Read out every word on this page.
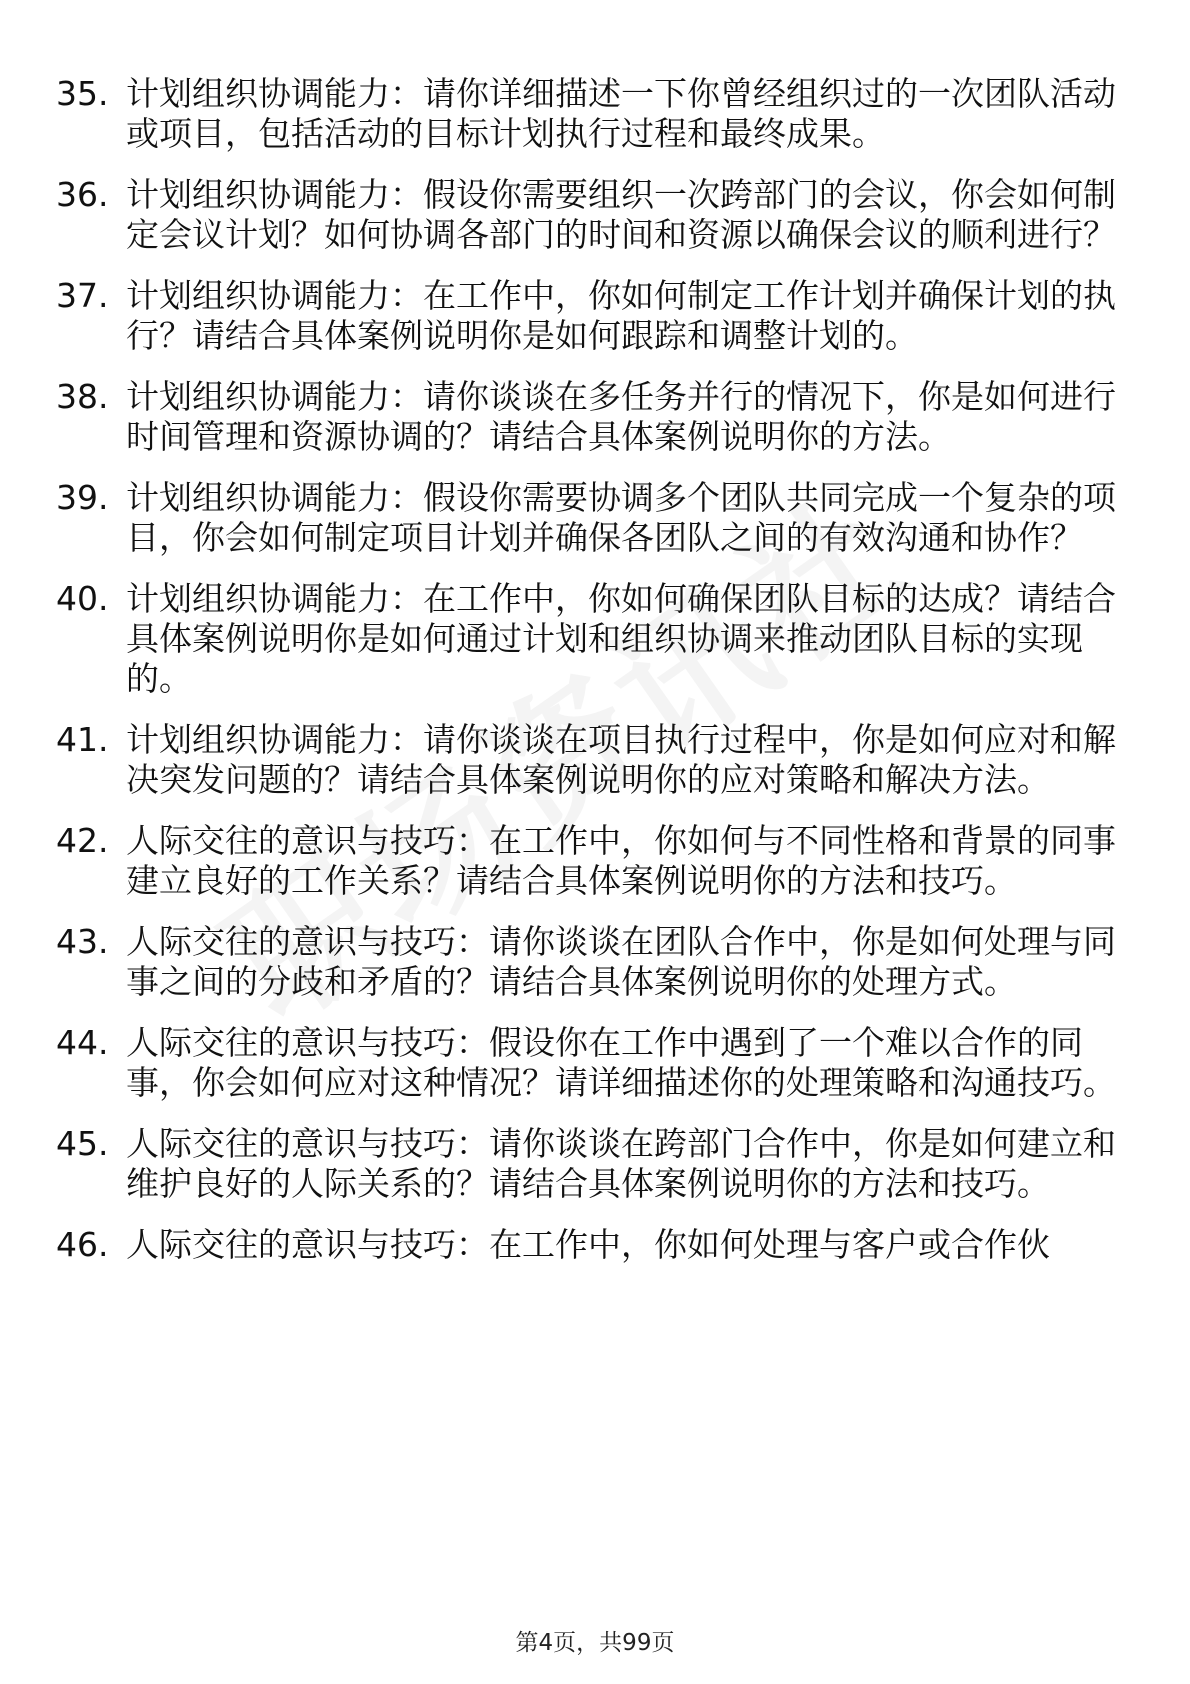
35. 计划组织协调能力：请你详细描述一下你曾经组织过的一次团队活动或项目，包括活动的目标计划执行过程和最终成果。
36. 计划组织协调能力：假设你需要组织一次跨部门的会议，你会如何制定会议计划？如何协调各部门的时间和资源以确保会议的顺利进行？
37. 计划组织协调能力：在工作中，你如何制定工作计划并确保计划的执行？请结合具体案例说明你是如何跟踪和调整计划的。
38. 计划组织协调能力：请你谈谈在多任务并行的情况下，你是如何进行时间管理和资源协调的？请结合具体案例说明你的方法。
39. 计划组织协调能力：假设你需要协调多个团队共同完成一个复杂的项目，你会如何制定项目计划并确保各团队之间的有效沟通和协作？
40. 计划组织协调能力：在工作中，你如何确保团队目标的达成？请结合具体案例说明你是如何通过计划和组织协调来推动团队目标的实现的。
41. 计划组织协调能力：请你谈谈在项目执行过程中，你是如何应对和解决突发问题的？请结合具体案例说明你的应对策略和解决方法。
42. 人际交往的意识与技巧：在工作中，你如何与不同性格和背景的同事建立良好的工作关系？请结合具体案例说明你的方法和技巧。
43. 人际交往的意识与技巧：请你谈谈在团队合作中，你是如何处理与同事之间的分歧和矛盾的？请结合具体案例说明你的处理方式。
44. 人际交往的意识与技巧：假设你在工作中遇到了一个难以合作的同事，你会如何应对这种情况？请详细描述你的处理策略和沟通技巧。
45. 人际交往的意识与技巧：请你谈谈在跨部门合作中，你是如何建立和维护良好的人际关系的？请结合具体案例说明你的方法和技巧。
46. 人际交往的意识与技巧：在工作中，你如何处理与客户或合作伙
第4页，共99页
